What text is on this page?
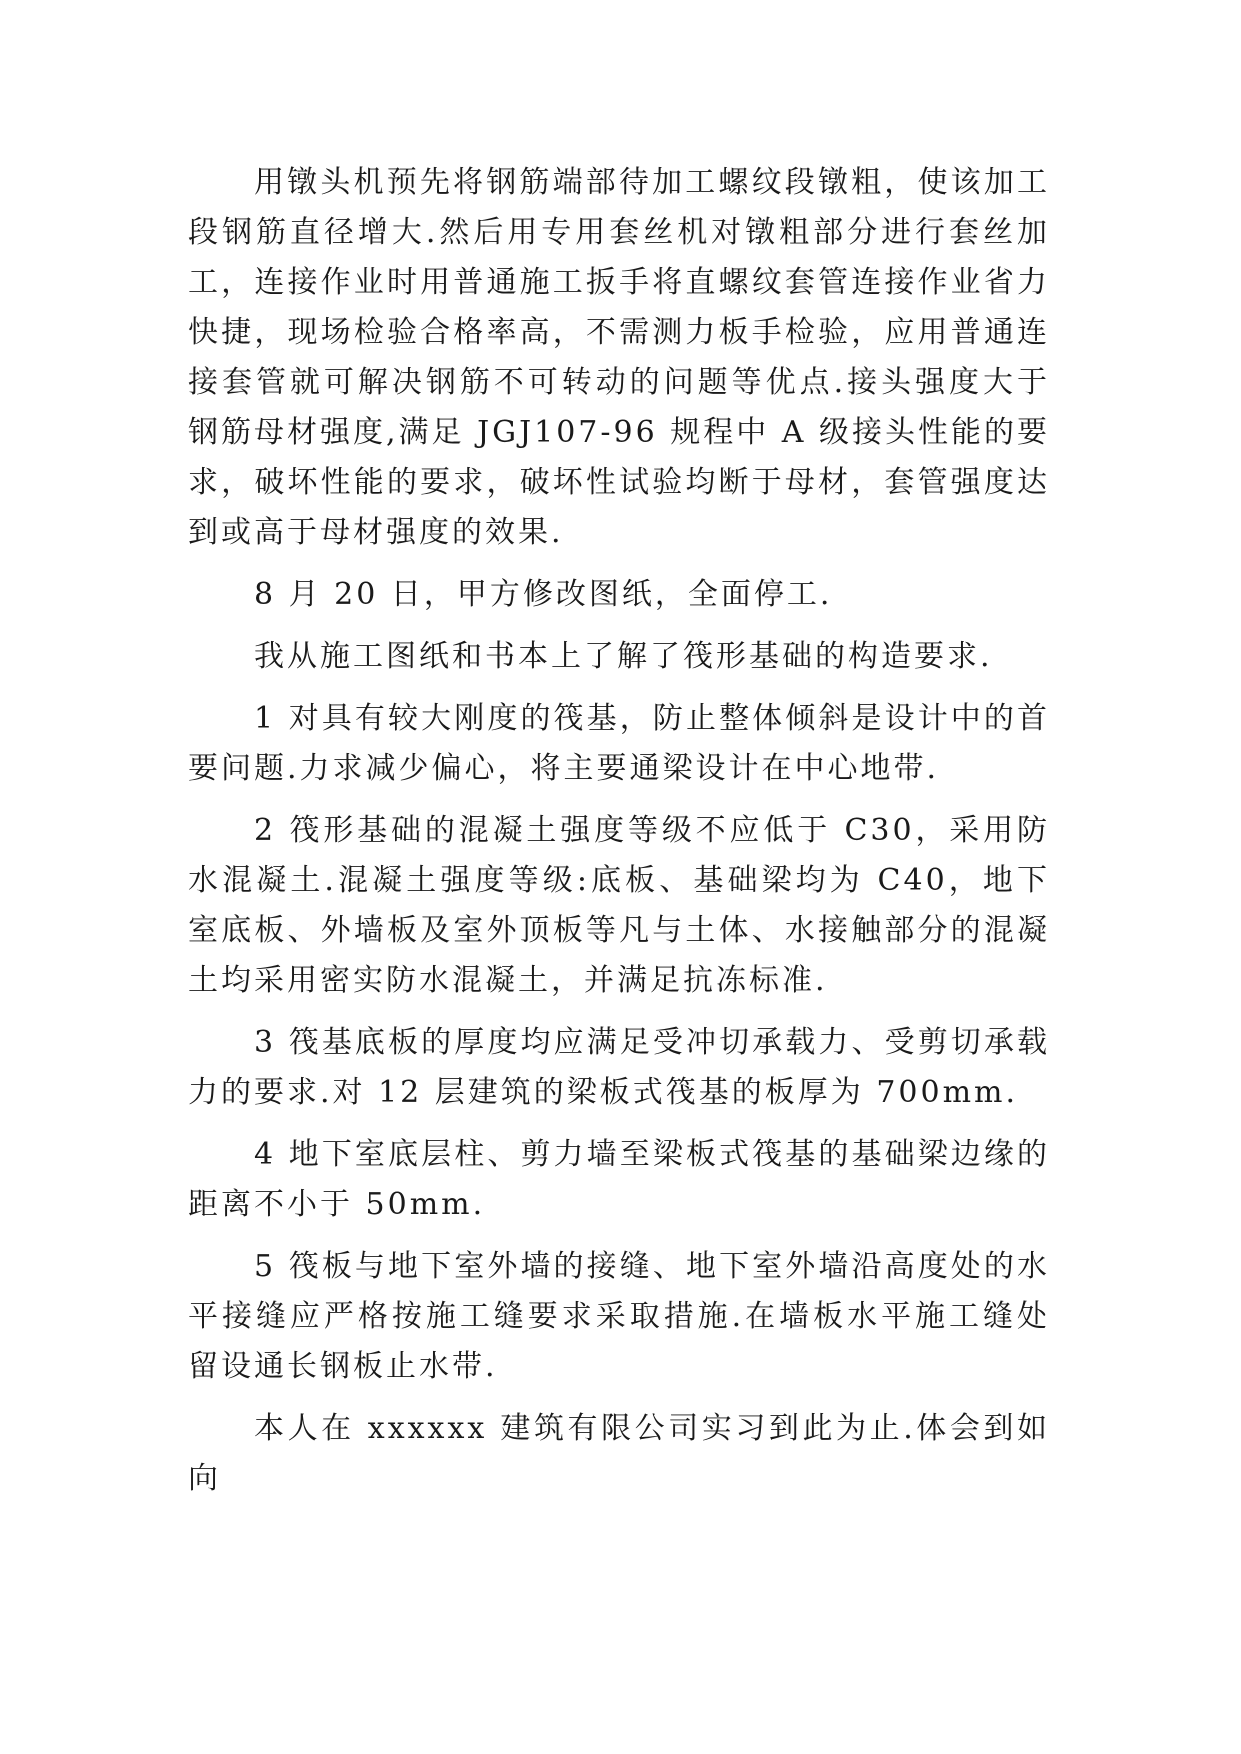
用镦头机预先将钢筋端部待加工螺纹段镦粗，使该加工段钢筋直径增大.然后用专用套丝机对镦粗部分进行套丝加工，连接作业时用普通施工扳手将直螺纹套管连接作业省力快捷，现场检验合格率高，不需测力板手检验，应用普通连接套管就可解决钢筋不可转动的问题等优点.接头强度大于钢筋母材强度,满足 JGJ107-96 规程中 A 级接头性能的要求，破坏性能的要求，破坏性试验均断于母材，套管强度达到或高于母材强度的效果.

8 月 20 日，甲方修改图纸，全面停工.

我从施工图纸和书本上了解了筏形基础的构造要求.

1 对具有较大刚度的筏基，防止整体倾斜是设计中的首要问题.力求减少偏心，将主要通梁设计在中心地带.

2 筏形基础的混凝土强度等级不应低于 C30，采用防水混凝土.混凝土强度等级:底板、基础梁均为 C40，地下室底板、外墙板及室外顶板等凡与土体、水接触部分的混凝土均采用密实防水混凝土，并满足抗冻标准.

3 筏基底板的厚度均应满足受冲切承载力、受剪切承载力的要求.对 12 层建筑的梁板式筏基的板厚为 700mm.

4 地下室底层柱、剪力墙至梁板式筏基的基础梁边缘的距离不小于 50mm.

5 筏板与地下室外墙的接缝、地下室外墙沿高度处的水平接缝应严格按施工缝要求采取措施.在墙板水平施工缝处留设通长钢板止水带.

本人在 xxxxxx 建筑有限公司实习到此为止.体会到如向
